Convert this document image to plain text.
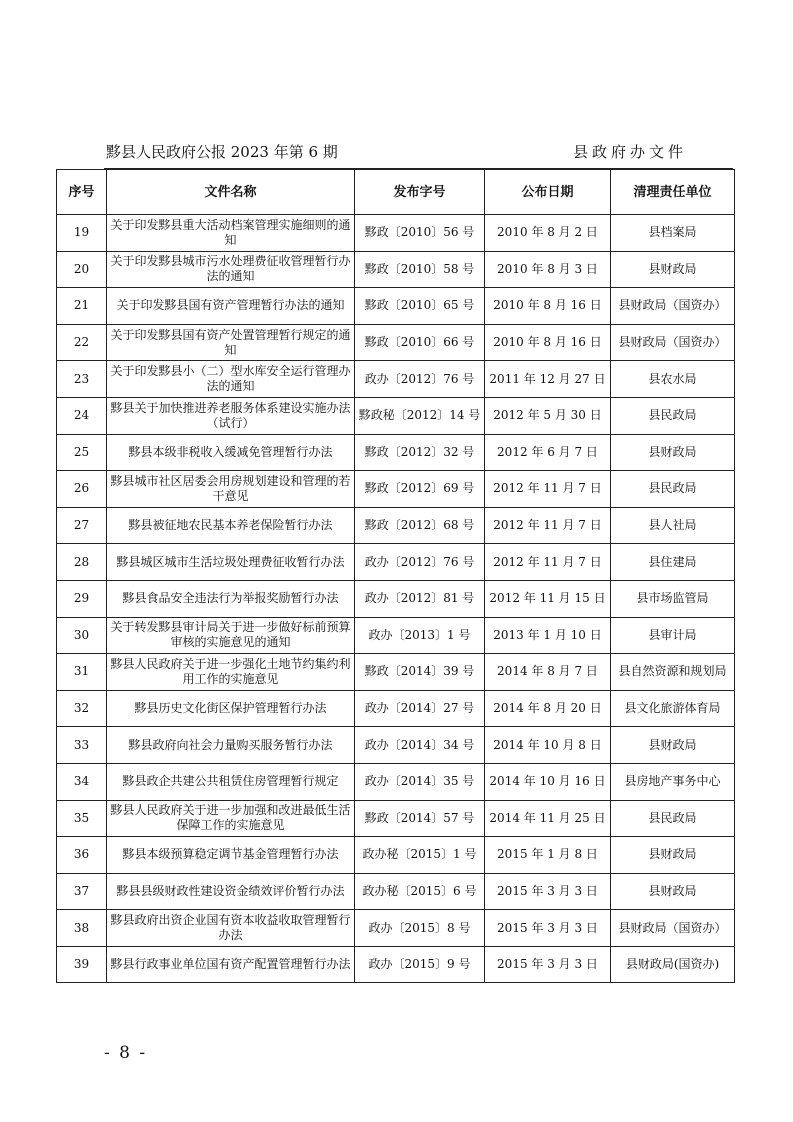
黟县人民政府公报 2023 年第 6 期	县政府办文件
序号	文件名称	发布字号	公布日期	清理责任单位
19	关于印发黟县重大活动档案管理实施细则的通知	黟政〔2010〕56 号	2010 年 8 月 2 日	县档案局
20	关于印发黟县城市污水处理费征收管理暂行办法的通知	黟政〔2010〕58 号	2010 年 8 月 3 日	县财政局
21	关于印发黟县国有资产管理暂行办法的通知	黟政〔2010〕65 号	2010 年 8 月 16 日	县财政局（国资办）
22	关于印发黟县国有资产处置管理暂行规定的通知	黟政〔2010〕66 号	2010 年 8 月 16 日	县财政局（国资办）
23	关于印发黟县小（二）型水库安全运行管理办法的通知	政办〔2012〕76 号	2011 年 12 月 27 日	县农水局
24	黟县关于加快推进养老服务体系建设实施办法（试行）	黟政秘〔2012〕14 号	2012 年 5 月 30 日	县民政局
25	黟县本级非税收入缓减免管理暂行办法	黟政〔2012〕32 号	2012 年 6 月 7 日	县财政局
26	黟县城市社区居委会用房规划建设和管理的若干意见	黟政〔2012〕69 号	2012 年 11 月 7 日	县民政局
27	黟县被征地农民基本养老保险暂行办法	黟政〔2012〕68 号	2012 年 11 月 7 日	县人社局
28	黟县城区城市生活垃圾处理费征收暂行办法	政办〔2012〕76 号	2012 年 11 月 7 日	县住建局
29	黟县食品安全违法行为举报奖励暂行办法	政办〔2012〕81 号	2012 年 11 月 15 日	县市场监管局
30	关于转发黟县审计局关于进一步做好标前预算审核的实施意见的通知	政办〔2013〕1 号	2013 年 1 月 10 日	县审计局
31	黟县人民政府关于进一步强化土地节约集约利用工作的实施意见	黟政〔2014〕39 号	2014 年 8 月 7 日	县自然资源和规划局
32	黟县历史文化街区保护管理暂行办法	政办〔2014〕27 号	2014 年 8 月 20 日	县文化旅游体育局
33	黟县政府向社会力量购买服务暂行办法	政办〔2014〕34 号	2014 年 10 月 8 日	县财政局
34	黟县政企共建公共租赁住房管理暂行规定	政办〔2014〕35 号	2014 年 10 月 16 日	县房地产事务中心
35	黟县人民政府关于进一步加强和改进最低生活保障工作的实施意见	黟政〔2014〕57 号	2014 年 11 月 25 日	县民政局
36	黟县本级预算稳定调节基金管理暂行办法	政办秘〔2015〕1 号	2015 年 1 月 8 日	县财政局
37	黟县县级财政性建设资金绩效评价暂行办法	政办秘〔2015〕6 号	2015 年 3 月 3 日	县财政局
38	黟县政府出资企业国有资本收益收取管理暂行办法	政办〔2015〕8 号	2015 年 3 月 3 日	县财政局（国资办）
39	黟县行政事业单位国有资产配置管理暂行办法	政办〔2015〕9 号	2015 年 3 月 3 日	县财政局(国资办)
- 8 -
